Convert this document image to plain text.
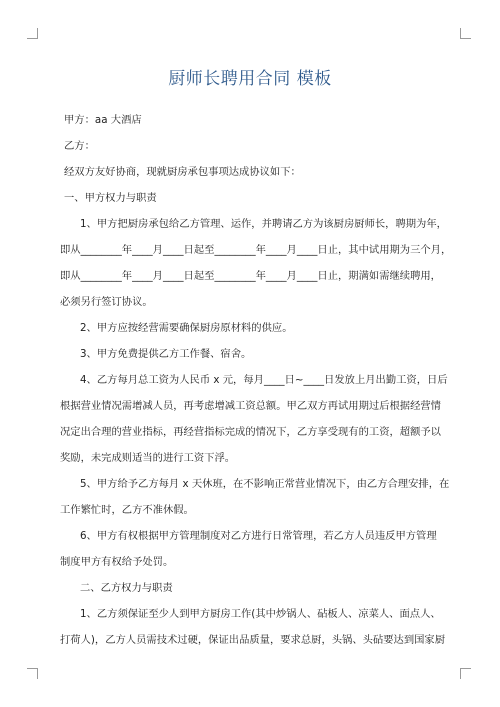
厨师长聘用合同 模板
甲方：aa 大酒店
乙方：
经双方友好协商，现就厨房承包事项达成协议如下：
一、甲方权力与职责
1、甲方把厨房承包给乙方管理、运作，并聘请乙方为该厨房厨师长，聘期为年，
即从________年____月____日起至________年____月____日止，其中试用期为三个月，
即从________年____月____日起至________年____月____日止，期满如需继续聘用，
必须另行签订协议。
2、甲方应按经营需要确保厨房原材料的供应。
3、甲方免费提供乙方工作餐、宿舍。
4、乙方每月总工资为人民币 x 元，每月____日~____日发放上月出勤工资，日后
根据营业情况需增减人员，再考虑增减工资总额。甲乙双方再试用期过后根据经营情
况定出合理的营业指标，再经营指标完成的情况下，乙方享受现有的工资，超额予以
奖励，未完成则适当的进行工资下浮。
5、甲方给予乙方每月 x 天休班，在不影响正常营业情况下，由乙方合理安排，在
工作繁忙时，乙方不准休假。
6、甲方有权根据甲方管理制度对乙方进行日常管理，若乙方人员违反甲方管理
制度甲方有权给予处罚。
二、乙方权力与职责
1、乙方须保证至少人到甲方厨房工作(其中炒锅人、砧板人、凉菜人、面点人、
打荷人)，乙方人员需技术过硬，保证出品质量，要求总厨，头锅、头砧要达到国家厨
